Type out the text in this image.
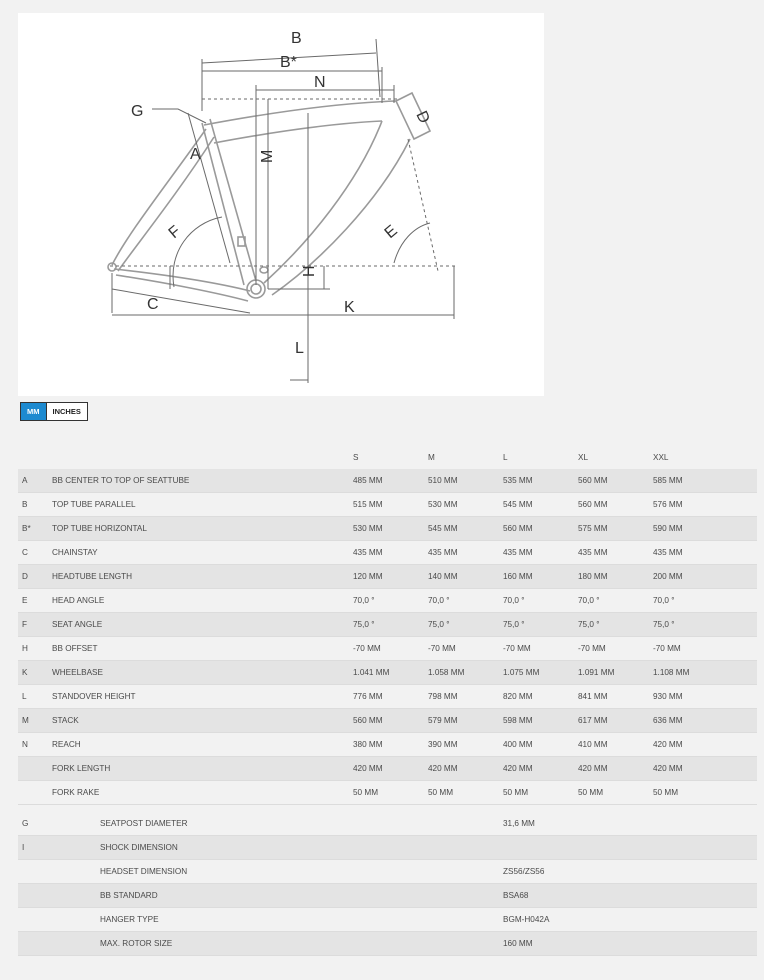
B
B*
N
G
A	M
D
E
F
H
C	K
L
MM	INCHES
S	M	L	XL	XXL
A	BB CENTER TO TOP OF SEATTUBE	485 MM	510 MM	535 MM	560 MM	585 MM
B	TOP TUBE PARALLEL	515 MM	530 MM	545 MM	560 MM	576 MM
B*	TOP TUBE HORIZONTAL	530 MM	545 MM	560 MM	575 MM	590 MM
C	CHAINSTAY	435 MM	435 MM	435 MM	435 MM	435 MM
D	HEADTUBE LENGTH	120 MM	140 MM	160 MM	180 MM	200 MM
E	HEAD ANGLE	70,0 °	70,0 °	70,0 °	70,0 °	70,0 °
F	SEAT ANGLE	75,0 °	75,0 °	75,0 °	75,0 °	75,0 °
H	BB OFFSET	-70 MM	-70 MM	-70 MM	-70 MM	-70 MM
K	WHEELBASE	1.041 MM	1.058 MM	1.075 MM	1.091 MM	1.108 MM
L	STANDOVER HEIGHT	776 MM	798 MM	820 MM	841 MM	930 MM
M	STACK	560 MM	579 MM	598 MM	617 MM	636 MM
N	REACH	380 MM	390 MM	400 MM	410 MM	420 MM
FORK LENGTH	420 MM	420 MM	420 MM	420 MM	420 MM
FORK RAKE	50 MM	50 MM	50 MM	50 MM	50 MM
G	SEATPOST DIAMETER	31,6 MM
I	SHOCK DIMENSION
HEADSET DIMENSION	ZS56/ZS56
BB STANDARD	BSA68
HANGER TYPE	BGM-H042A
MAX. ROTOR SIZE	160 MM
